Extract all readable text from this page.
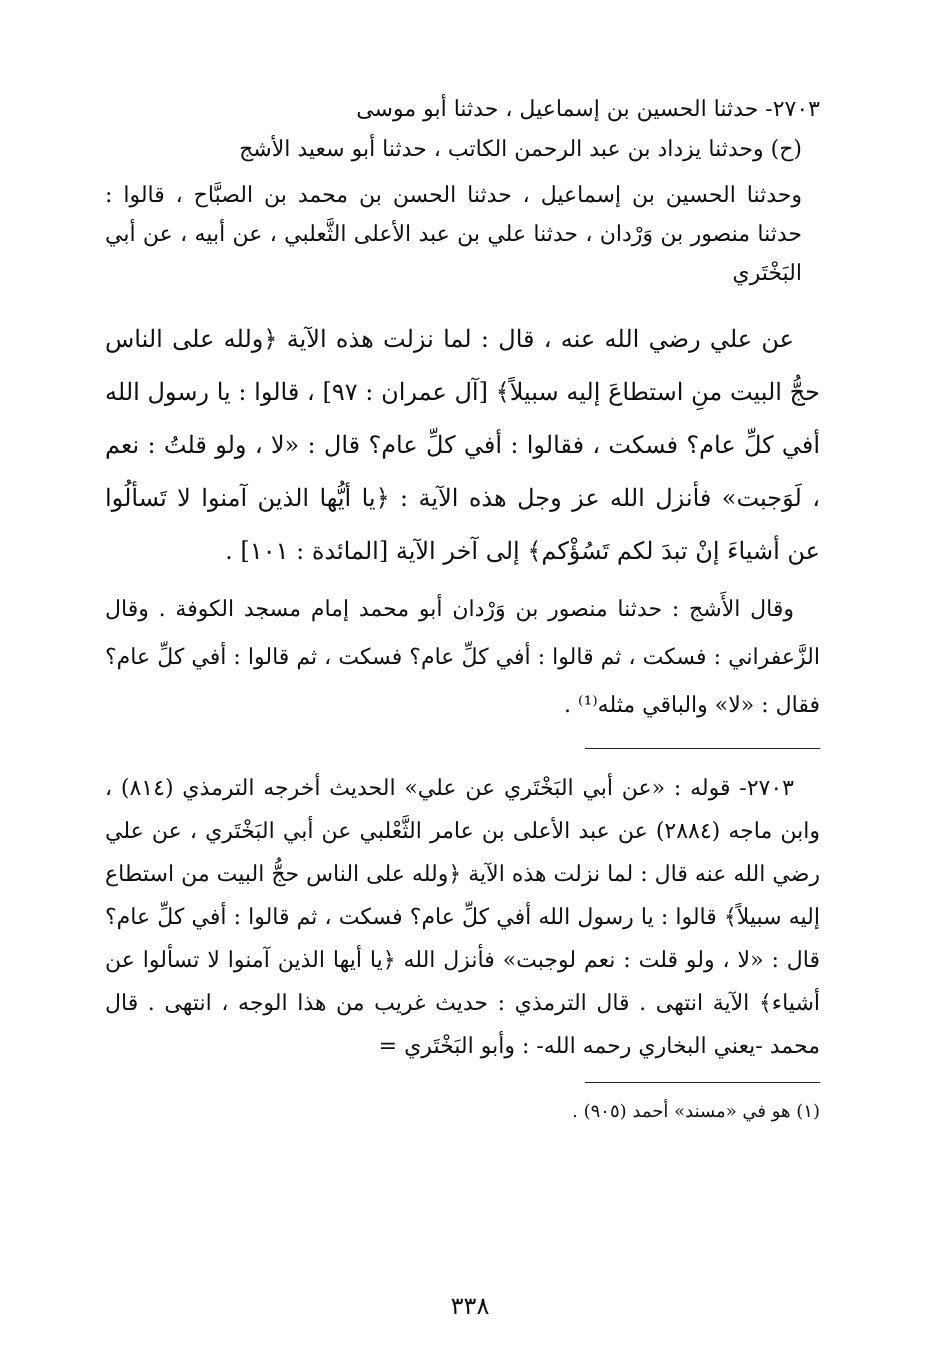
٢٧٠٣- حدثنا الحسين بن إسماعيل ، حدثنا أبو موسى

(ح) وحدثنا يزداد بن عبد الرحمن الكاتب ، حدثنا أبو سعيد الأشج

وحدثنا الحسين بن إسماعيل ، حدثنا الحسن بن محمد بن الصبَّاح ، قالوا : حدثنا منصور بن وَرْدان ، حدثنا علي بن عبد الأعلى الثَّعلبي ، عن أبيه ، عن أبي البَخْتَري

عن علي رضي الله عنه ، قال : لما نزلت هذه الآية ﴿ولله على الناس حجُّ البيت منِ استطاعَ إليه سبيلاً﴾ [آل عمران : ٩٧] ، قالوا : يا رسول الله أفي كلِّ عام؟ فسكت ، فقالوا : أفي كلِّ عام؟ قال : «لا ، ولو قلتُ : نعم ، لَوَجبت» فأنزل الله عز وجل هذه الآية : ﴿يا أيُّها الذين آمنوا لا تَسألُوا عن أشياءَ إنْ تبدَ لكم تَسُؤْكم﴾ إلى آخر الآية [المائدة : ١٠١] .

وقال الأَشج : حدثنا منصور بن وَرْدان أبو محمد إمام مسجد الكوفة . وقال الزَّعفراني : فسكت ، ثم قالوا : أفي كلِّ عام؟ فسكت ، ثم قالوا : أفي كلِّ عام؟ فقال : «لا» والباقي مثله⁽¹⁾ .

٢٧٠٣- قوله : «عن أبي البَخْتَري عن علي» الحديث أخرجه الترمذي (٨١٤) ، وابن ماجه (٢٨٨٤) عن عبد الأعلى بن عامر الثَّعْلبي عن أبي البَخْتَري ، عن علي رضي الله عنه قال : لما نزلت هذه الآية ﴿ولله على الناس حجُّ البيت من استطاع إليه سبيلاً﴾ قالوا : يا رسول الله أفي كلِّ عام؟ فسكت ، ثم قالوا : أفي كلِّ عام؟ قال : «لا ، ولو قلت : نعم لوجبت» فأنزل الله ﴿يا أيها الذين آمنوا لا تسألوا عن أشياء﴾ الآية انتهى . قال الترمذي : حديث غريب من هذا الوجه ، انتهى . قال محمد -يعني البخاري رحمه الله- : وأبو البَخْتَري =

(١) هو في «مسند» أحمد (٩٠٥) .

٣٣٨
